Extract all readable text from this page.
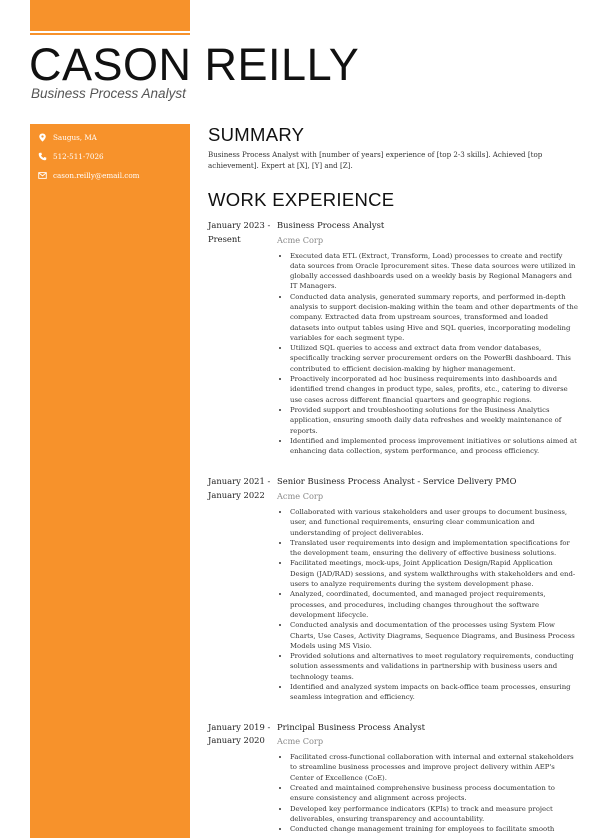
CASON REILLY
Business Process Analyst
Saugus, MA
512-511-7026
cason.reilly@email.com
SUMMARY
Business Process Analyst with [number of years] experience of [top 2-3 skills]. Achieved [top achievement]. Expert at [X], [Y] and [Z].
WORK EXPERIENCE
January 2023 - Present
Business Process Analyst
Acme Corp
• Executed data ETL (Extract, Transform, Load) processes to create and rectify data sources from Oracle Iprocurement sites. These data sources were utilized in globally accessed dashboards used on a weekly basis by Regional Managers and IT Managers.
• Conducted data analysis, generated summary reports, and performed in-depth analysis to support decision-making within the team and other departments of the company. Extracted data from upstream sources, transformed and loaded datasets into output tables using Hive and SQL queries, incorporating modeling variables for each segment type.
• Utilized SQL queries to access and extract data from vendor databases, specifically tracking server procurement orders on the PowerBi dashboard. This contributed to efficient decision-making by higher management.
• Proactively incorporated ad hoc business requirements into dashboards and identified trend changes in product type, sales, profits, etc., catering to diverse use cases across different financial quarters and geographic regions.
• Provided support and troubleshooting solutions for the Business Analytics application, ensuring smooth daily data refreshes and weekly maintenance of reports.
• Identified and implemented process improvement initiatives or solutions aimed at enhancing data collection, system performance, and process efficiency.
January 2021 - January 2022
Senior Business Process Analyst - Service Delivery PMO
Acme Corp
• Collaborated with various stakeholders and user groups to document business, user, and functional requirements, ensuring clear communication and understanding of project deliverables.
• Translated user requirements into design and implementation specifications for the development team, ensuring the delivery of effective business solutions.
• Facilitated meetings, mock-ups, Joint Application Design/Rapid Application Design (JAD/RAD) sessions, and system walkthroughs with stakeholders and end-users to analyze requirements during the system development phase.
• Analyzed, coordinated, documented, and managed project requirements, processes, and procedures, including changes throughout the software development lifecycle.
• Conducted analysis and documentation of the processes using System Flow Charts, Use Cases, Activity Diagrams, Sequence Diagrams, and Business Process Models using MS Visio.
• Provided solutions and alternatives to meet regulatory requirements, conducting solution assessments and validations in partnership with business users and technology teams.
• Identified and analyzed system impacts on back-office team processes, ensuring seamless integration and efficiency.
January 2019 - January 2020
Principal Business Process Analyst
Acme Corp
• Facilitated cross-functional collaboration with internal and external stakeholders to streamline business processes and improve project delivery within AEP's Center of Excellence (CoE).
• Created and maintained comprehensive business process documentation to ensure consistency and alignment across projects.
• Developed key performance indicators (KPIs) to track and measure project deliverables, ensuring transparency and accountability.
• Conducted change management training for employees to facilitate smooth
